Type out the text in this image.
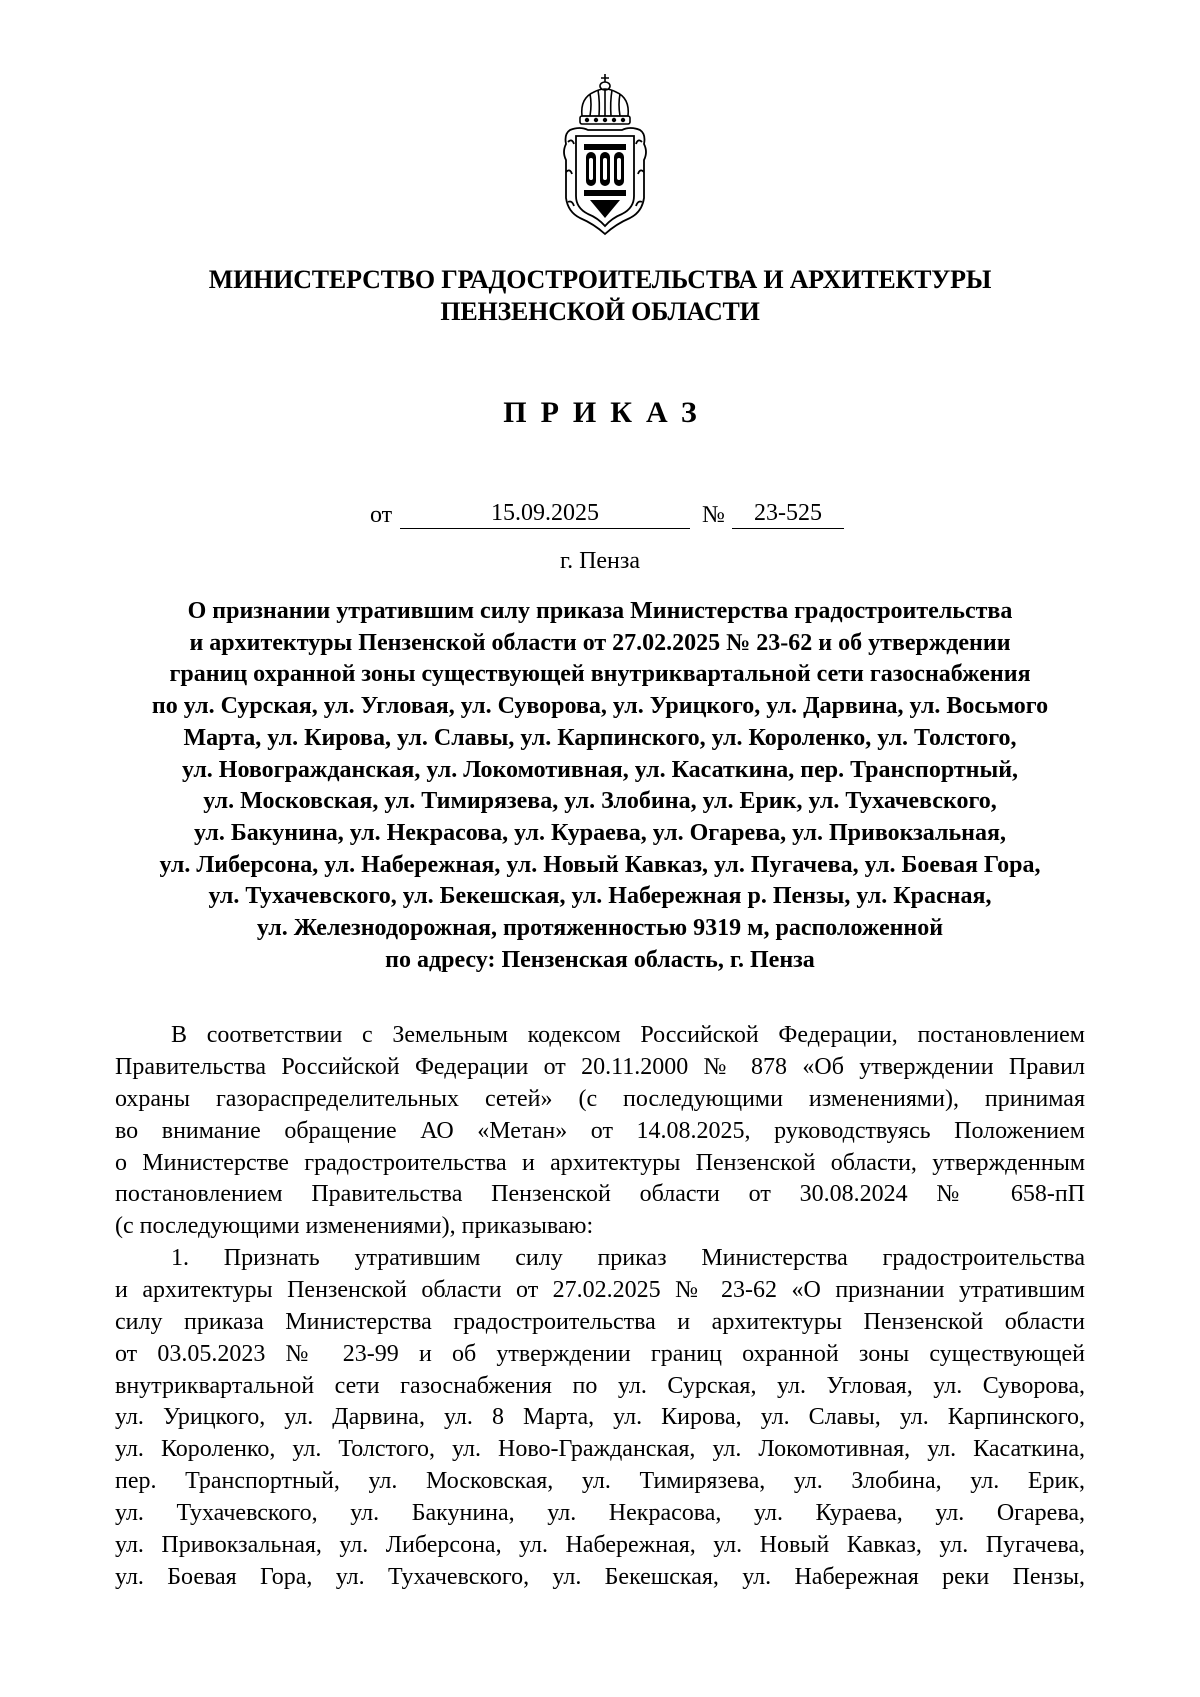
МИНИСТЕРСТВО ГРАДОСТРОИТЕЛЬСТВА И АРХИТЕКТУРЫ
ПЕНЗЕНСКОЙ ОБЛАСТИ
ПРИКАЗ
от	15.09.2025	№	23-525
г. Пенза
О признании утратившим силу приказа Министерства градостроительства
и архитектуры Пензенской области от 27.02.2025 № 23-62 и об утверждении
границ охранной зоны существующей внутриквартальной сети газоснабжения
по ул. Сурская, ул. Угловая, ул. Суворова, ул. Урицкого, ул. Дарвина, ул. Восьмого
Марта, ул. Кирова, ул. Славы, ул. Карпинского, ул. Короленко, ул. Толстого,
ул. Новогражданская, ул. Локомотивная, ул. Касаткина, пер. Транспортный,
ул. Московская, ул. Тимирязева, ул. Злобина, ул. Ерик, ул. Тухачевского,
ул. Бакунина, ул. Некрасова, ул. Кураева, ул. Огарева, ул. Привокзальная,
ул. Либерсона, ул. Набережная, ул. Новый Кавказ, ул. Пугачева, ул. Боевая Гора,
ул. Тухачевского, ул. Бекешская, ул. Набережная р. Пензы, ул. Красная,
ул. Железнодорожная, протяженностью 9319 м, расположенной
по адресу: Пензенская область, г. Пенза
В соответствии с Земельным кодексом Российской Федерации, постановлением
Правительства Российской Федерации от 20.11.2000 № 878 «Об утверждении Правил
охраны газораспределительных сетей» (с последующими изменениями), принимая
во внимание обращение АО «Метан» от 14.08.2025, руководствуясь Положением
о Министерстве градостроительства и архитектуры Пензенской области, утвержденным
постановлением Правительства Пензенской области от 30.08.2024 № 658-пП
(с последующими изменениями), приказываю:
1. Признать утратившим силу приказ Министерства градостроительства
и архитектуры Пензенской области от 27.02.2025 № 23-62 «О признании утратившим
силу приказа Министерства градостроительства и архитектуры Пензенской области
от 03.05.2023 № 23-99 и об утверждении границ охранной зоны существующей
внутриквартальной сети газоснабжения по ул. Сурская, ул. Угловая, ул. Суворова,
ул. Урицкого, ул. Дарвина, ул. 8 Марта, ул. Кирова, ул. Славы, ул. Карпинского,
ул. Короленко, ул. Толстого, ул. Ново-Гражданская, ул. Локомотивная, ул. Касаткина,
пер. Транспортный, ул. Московская, ул. Тимирязева, ул. Злобина, ул. Ерик,
ул. Тухачевского, ул. Бакунина, ул. Некрасова, ул. Кураева, ул. Огарева,
ул. Привокзальная, ул. Либерсона, ул. Набережная, ул. Новый Кавказ, ул. Пугачева,
ул. Боевая Гора, ул. Тухачевского, ул. Бекешская, ул. Набережная реки Пензы,
